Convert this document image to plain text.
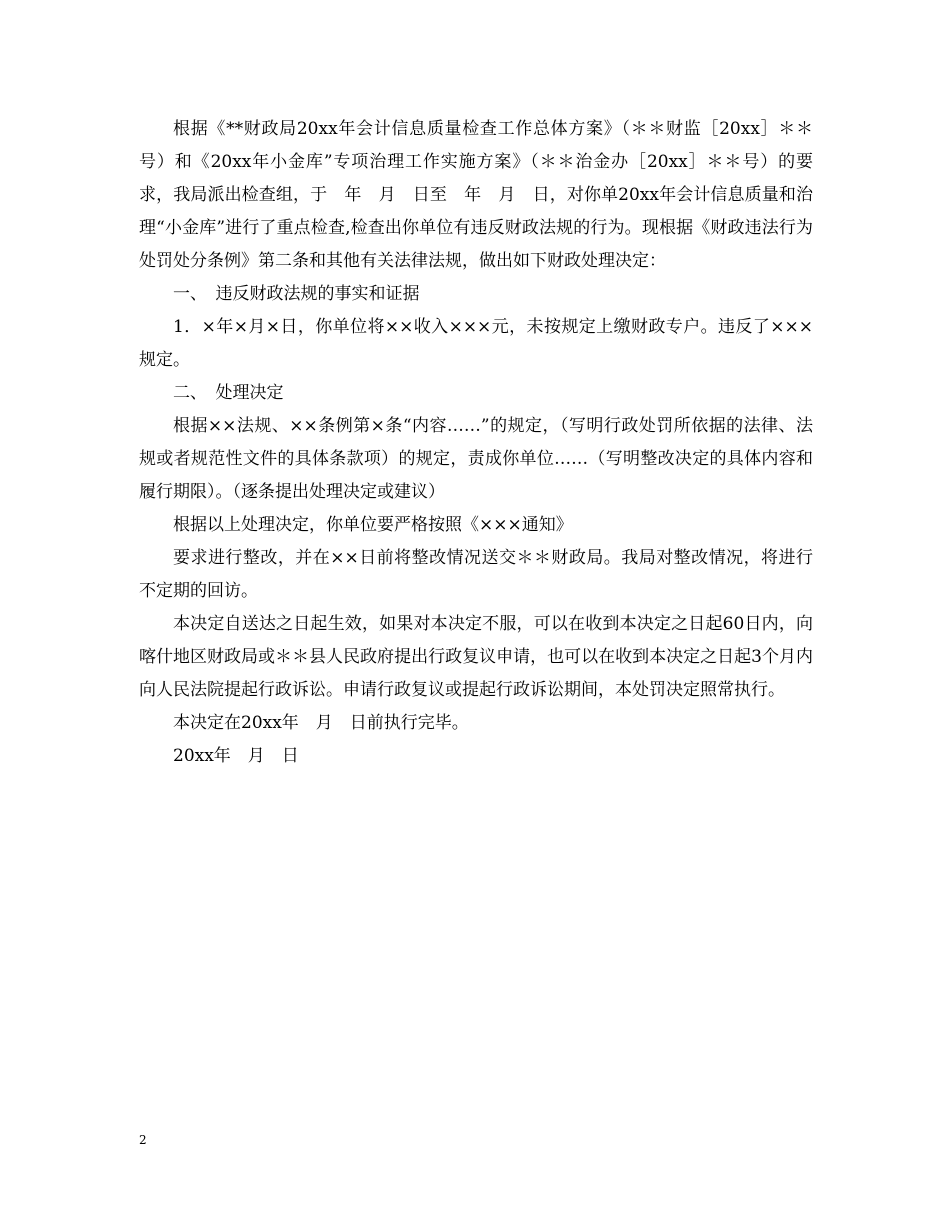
根据《**财政局20xx年会计信息质量检查工作总体方案》（＊＊财监［20xx］＊＊号）和《20xx年小金库”专项治理工作实施方案》（＊＊治金办［20xx］＊＊号）的要求，我局派出检查组，于　年　月　日至　年　月　日，对你单20xx年会计信息质量和治理“小金库”进行了重点检查,检查出你单位有违反财政法规的行为。现根据《财政违法行为处罚处分条例》第二条和其他有关法律法规，做出如下财政处理决定：

一、　违反财政法规的事实和证据

1．×年×月×日，你单位将××收入×××元，未按规定上缴财政专户。违反了×××规定。

二、　处理决定

根据××法规、××条例第×条“内容……”的规定，（写明行政处罚所依据的法律、法规或者规范性文件的具体条款项）的规定，责成你单位……（写明整改决定的具体内容和履行期限）。（逐条提出处理决定或建议）

根据以上处理决定，你单位要严格按照《×××通知》

要求进行整改，并在××日前将整改情况送交＊＊财政局。我局对整改情况，将进行不定期的回访。

本决定自送达之日起生效，如果对本决定不服，可以在收到本决定之日起60日内，向喀什地区财政局或＊＊县人民政府提出行政复议申请，也可以在收到本决定之日起3个月内向人民法院提起行政诉讼。申请行政复议或提起行政诉讼期间，本处罚决定照常执行。

本决定在20xx年　月　日前执行完毕。

20xx年　月　日

2
